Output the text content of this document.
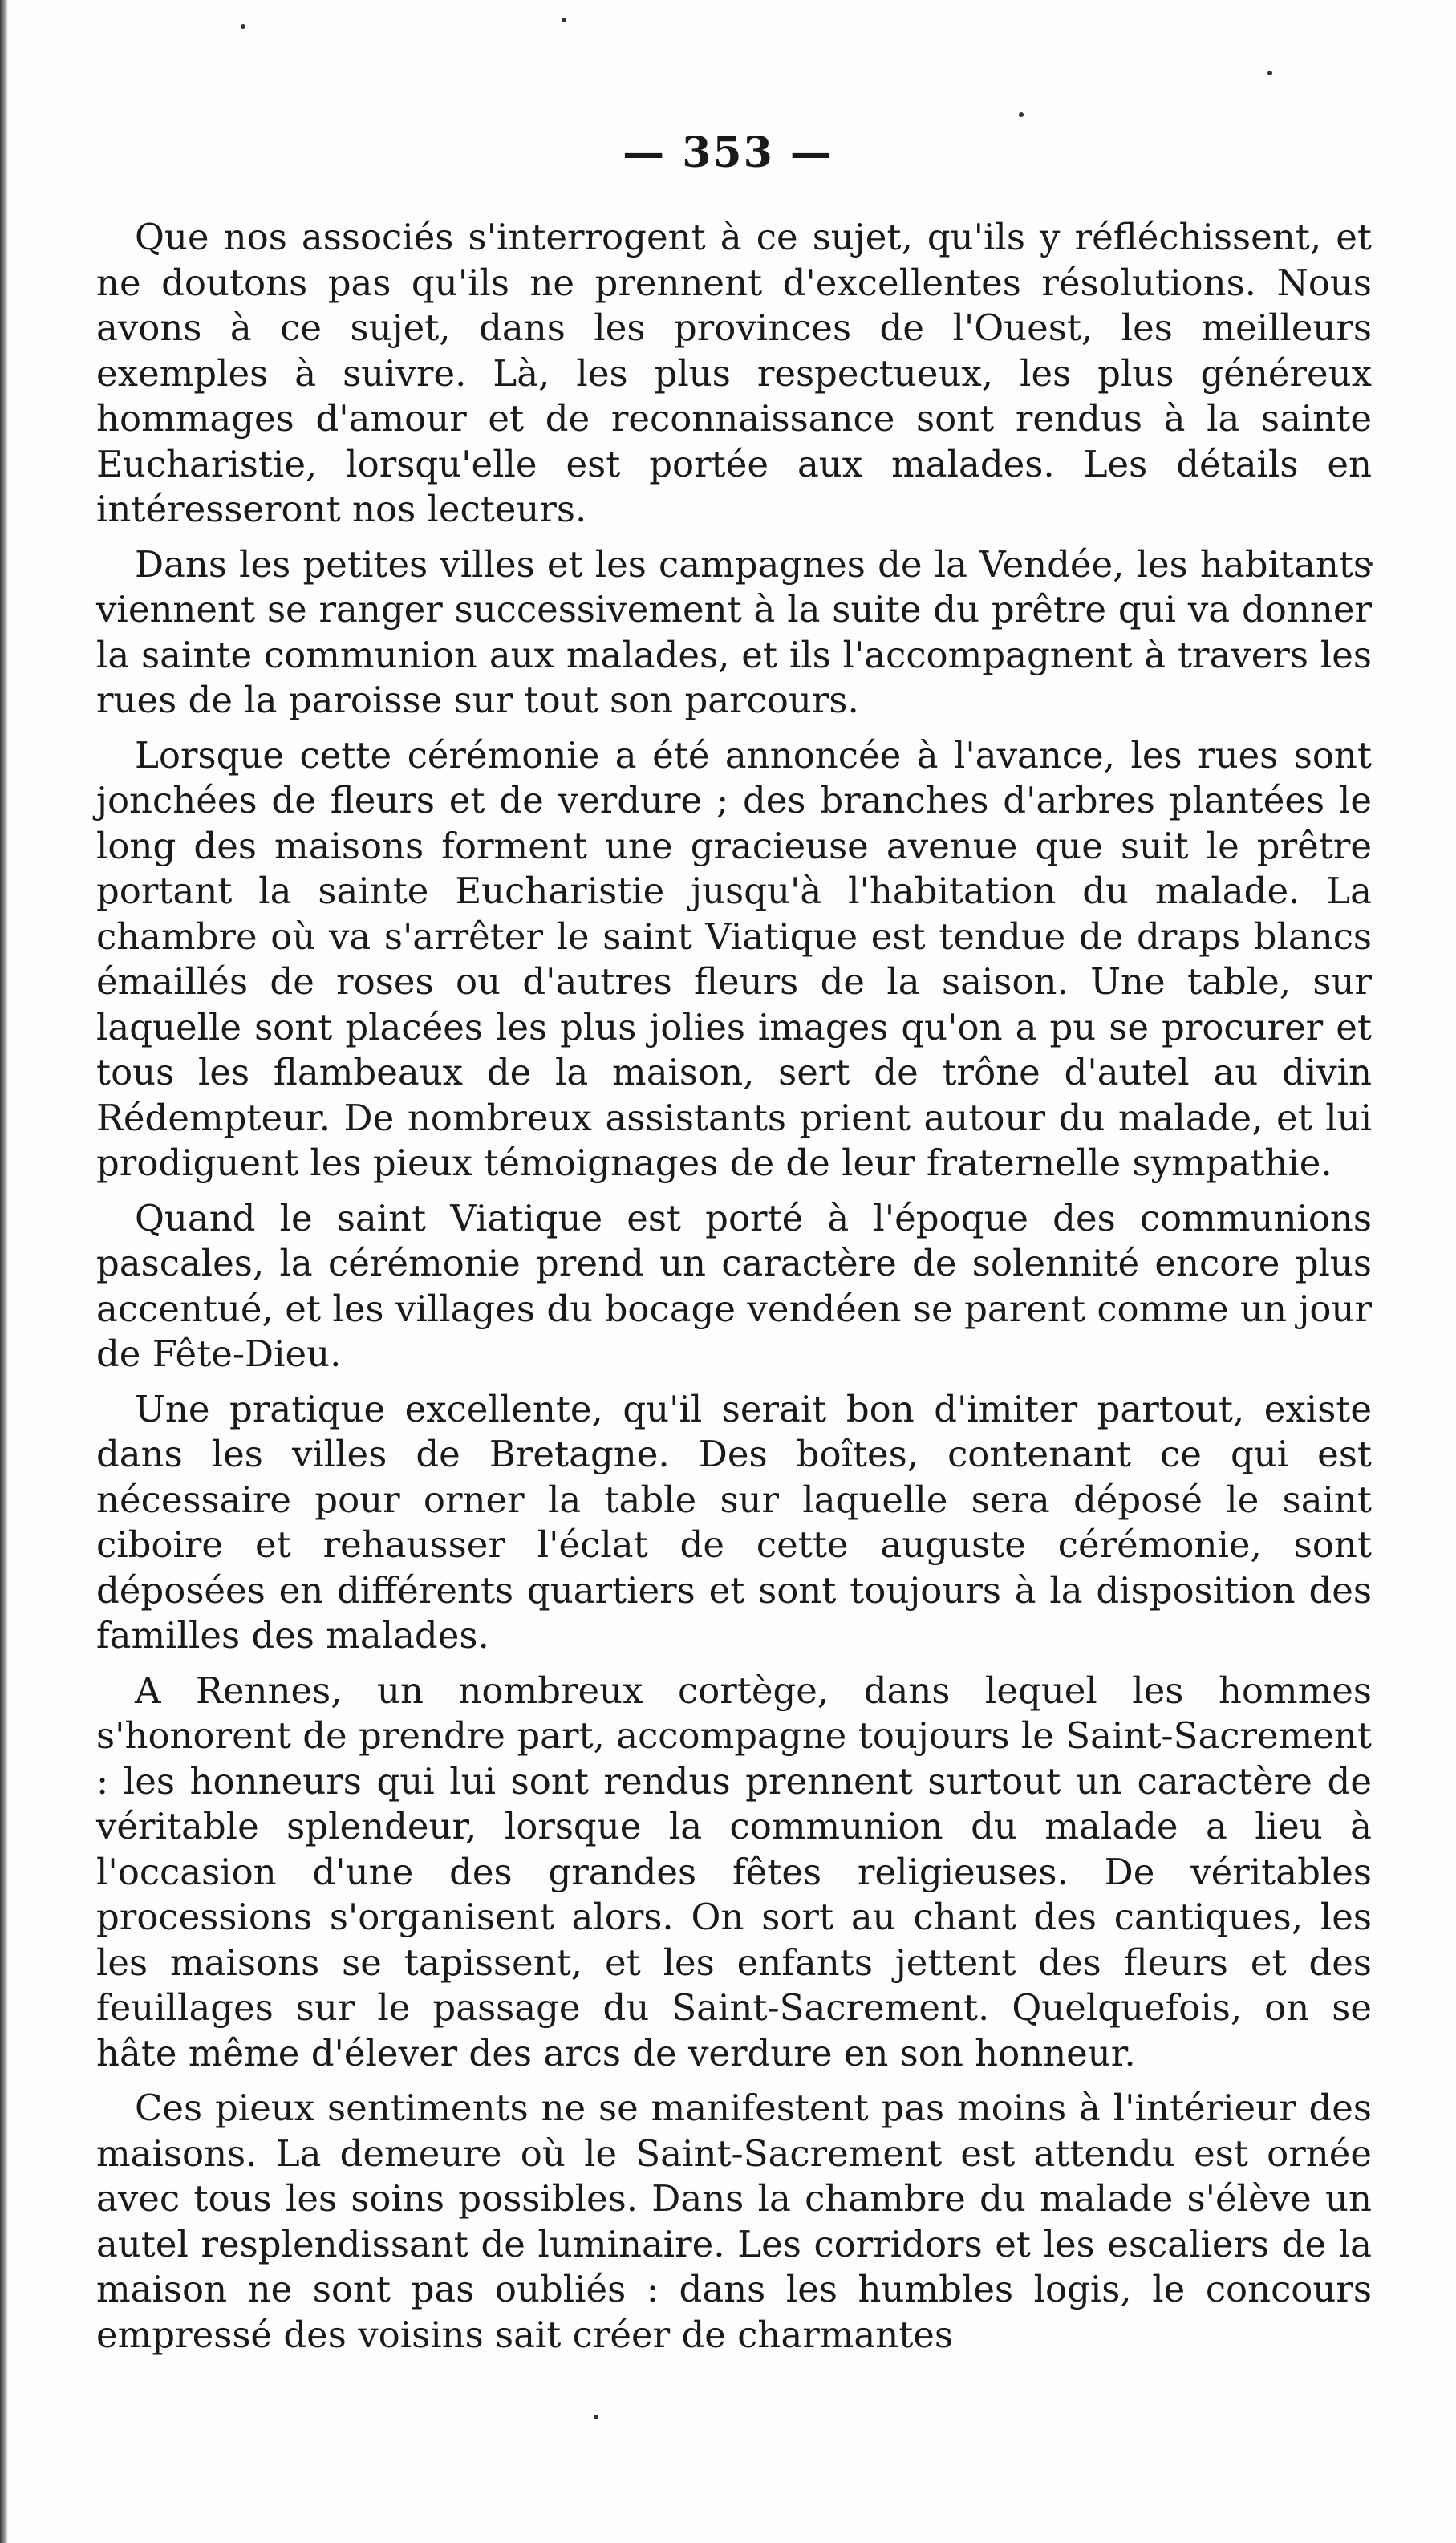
— 353 —

Que nos associés s'interrogent à ce sujet, qu'ils y réfléchissent, et ne doutons pas qu'ils ne prennent d'excellentes résolutions. Nous avons à ce sujet, dans les provinces de l'Ouest, les meilleurs exemples à suivre. Là, les plus respectueux, les plus généreux hommages d'amour et de reconnaissance sont rendus à la sainte Eucharistie, lorsqu'elle est portée aux malades. Les détails en intéresseront nos lecteurs.

Dans les petites villes et les campagnes de la Vendée, les habitants viennent se ranger successivement à la suite du prêtre qui va donner la sainte communion aux malades, et ils l'accompagnent à travers les rues de la paroisse sur tout son parcours.

Lorsque cette cérémonie a été annoncée à l'avance, les rues sont jonchées de fleurs et de verdure ; des branches d'arbres plantées le long des maisons forment une gracieuse avenue que suit le prêtre portant la sainte Eucharistie jusqu'à l'habitation du malade. La chambre où va s'arrêter le saint Viatique est tendue de draps blancs émaillés de roses ou d'autres fleurs de la saison. Une table, sur laquelle sont placées les plus jolies images qu'on a pu se procurer et tous les flambeaux de la maison, sert de trône d'autel au divin Rédempteur. De nombreux assistants prient autour du malade, et lui prodiguent les pieux témoignages de de leur fraternelle sympathie.

Quand le saint Viatique est porté à l'époque des communions pascales, la cérémonie prend un caractère de solennité encore plus accentué, et les villages du bocage vendéen se parent comme un jour de Fête-Dieu.

Une pratique excellente, qu'il serait bon d'imiter partout, existe dans les villes de Bretagne. Des boîtes, contenant ce qui est nécessaire pour orner la table sur laquelle sera déposé le saint ciboire et rehausser l'éclat de cette auguste cérémonie, sont déposées en différents quartiers et sont toujours à la disposition des familles des malades.

A Rennes, un nombreux cortège, dans lequel les hommes s'honorent de prendre part, accompagne toujours le Saint-Sacrement : les honneurs qui lui sont rendus prennent surtout un caractère de véritable splendeur, lorsque la communion du malade a lieu à l'occasion d'une des grandes fêtes religieuses. De véritables processions s'organisent alors. On sort au chant des cantiques, les les maisons se tapissent, et les enfants jettent des fleurs et des feuillages sur le passage du Saint-Sacrement. Quelquefois, on se hâte même d'élever des arcs de verdure en son honneur.

Ces pieux sentiments ne se manifestent pas moins à l'intérieur des maisons. La demeure où le Saint-Sacrement est attendu est ornée avec tous les soins possibles. Dans la chambre du malade s'élève un autel resplendissant de luminaire. Les corridors et les escaliers de la maison ne sont pas oubliés : dans les humbles logis, le concours empressé des voisins sait créer de charmantes
